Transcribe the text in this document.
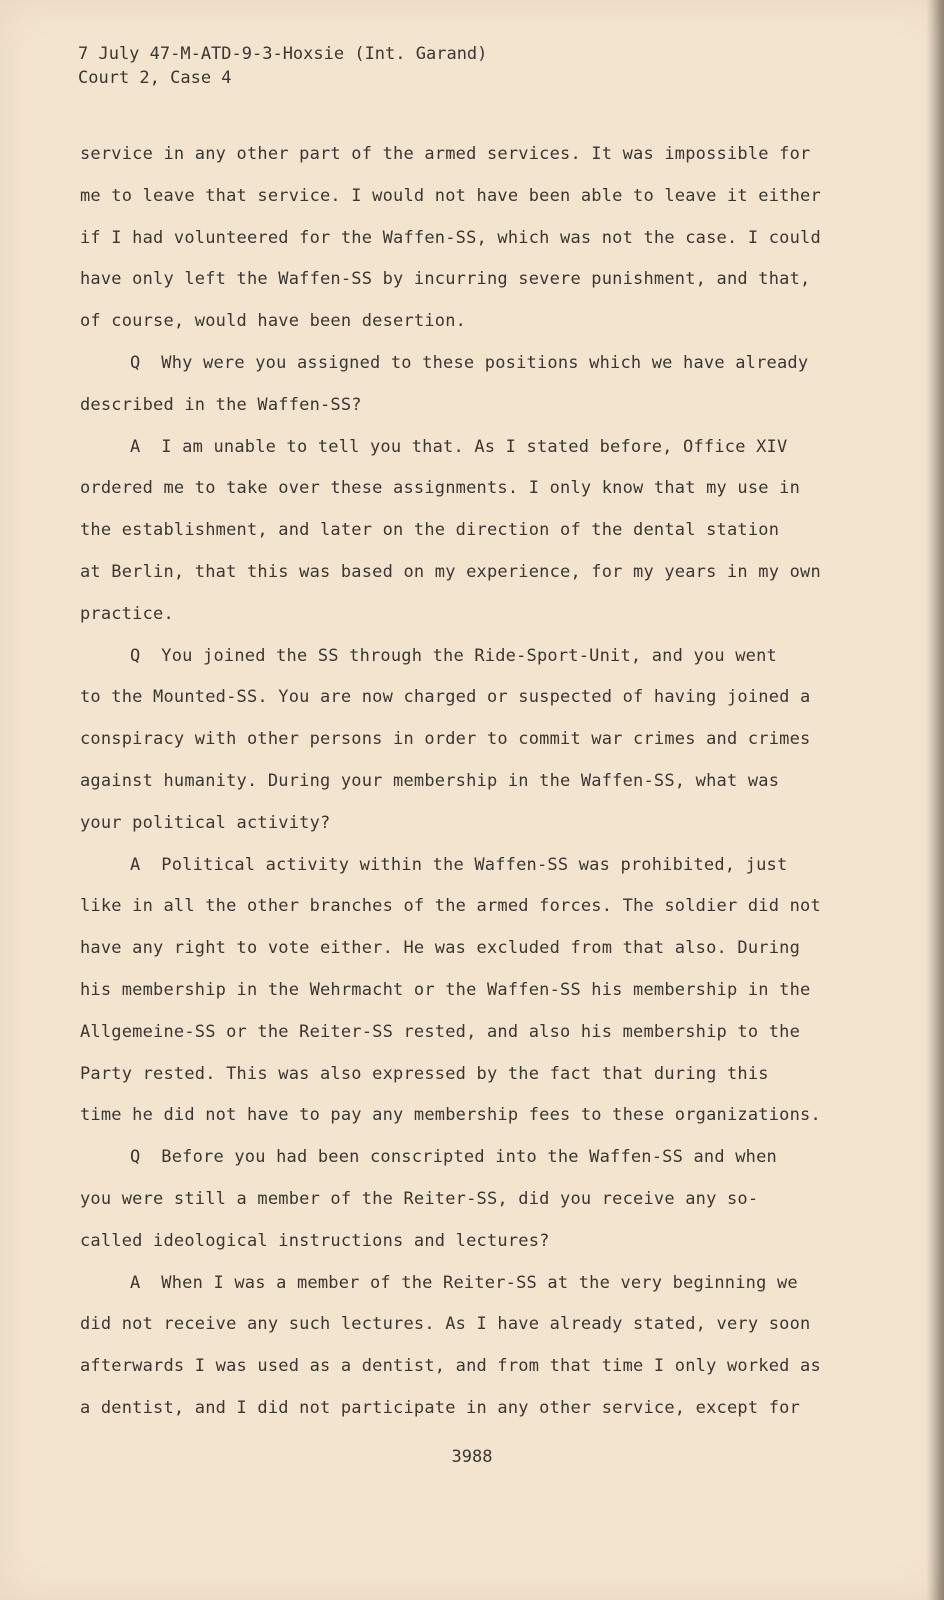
7 July 47-M-ATD-9-3-Hoxsie (Int. Garand)
Court 2, Case 4
service in any other part of the armed services. It was impossible for
me to leave that service. I would not have been able to leave it either
if I had volunteered for the Waffen-SS, which was not the case. I could
have only left the Waffen-SS by incurring severe punishment, and that,
of course, would have been desertion.
Q  Why were you assigned to these positions which we have already
described in the Waffen-SS?
A  I am unable to tell you that. As I stated before, Office XIV
ordered me to take over these assignments. I only know that my use in
the establishment, and later on the direction of the dental station
at Berlin, that this was based on my experience, for my years in my own
practice.
Q  You joined the SS through the Ride-Sport-Unit, and you went
to the Mounted-SS. You are now charged or suspected of having joined a
conspiracy with other persons in order to commit war crimes and crimes
against humanity. During your membership in the Waffen-SS, what was
your political activity?
A  Political activity within the Waffen-SS was prohibited, just
like in all the other branches of the armed forces. The soldier did not
have any right to vote either. He was excluded from that also. During
his membership in the Wehrmacht or the Waffen-SS his membership in the
Allgemeine-SS or the Reiter-SS rested, and also his membership to the
Party rested. This was also expressed by the fact that during this
time he did not have to pay any membership fees to these organizations.
Q  Before you had been conscripted into the Waffen-SS and when
you were still a member of the Reiter-SS, did you receive any so-
called ideological instructions and lectures?
A  When I was a member of the Reiter-SS at the very beginning we
did not receive any such lectures. As I have already stated, very soon
afterwards I was used as a dentist, and from that time I only worked as
a dentist, and I did not participate in any other service, except for
3988
